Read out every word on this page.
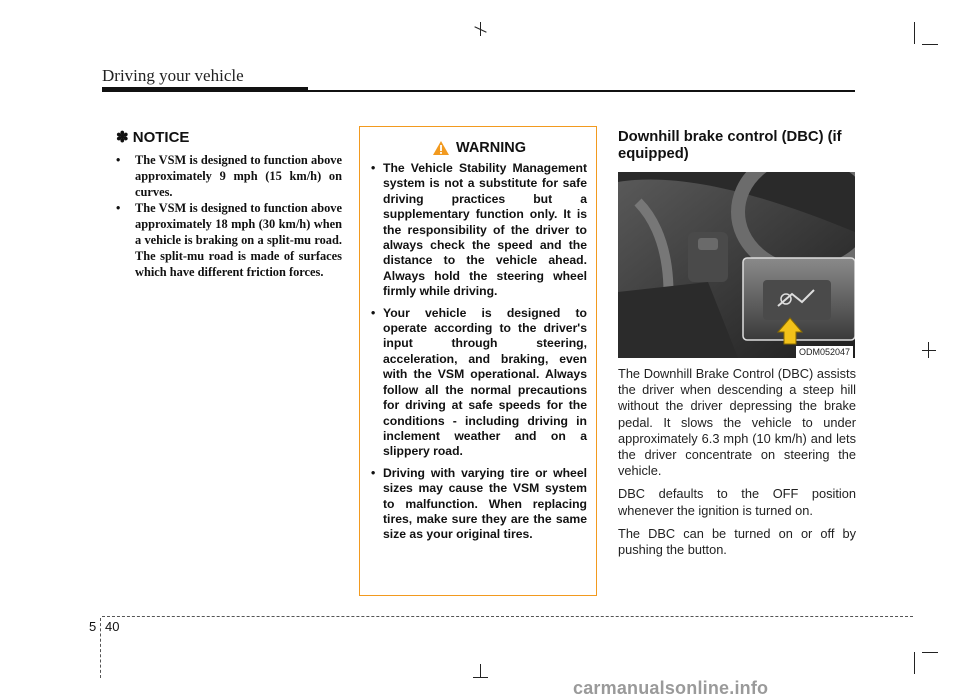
Driving your vehicle
✽ NOTICE
• The VSM is designed to function above approximately 9 mph (15 km/h) on curves.
• The VSM is designed to function above approximately 18 mph (30 km/h) when a vehicle is braking on a split-mu road. The split-mu road is made of surfaces which have different friction forces.
WARNING
• The Vehicle Stability Management system is not a substitute for safe driving practices but a supplementary function only. It is the responsibility of the driver to always check the speed and the distance to the vehicle ahead. Always hold the steering wheel firmly while driving.
• Your vehicle is designed to operate according to the driver's input through steering, acceleration, and braking, even with the VSM operational. Always follow all the normal precautions for driving at safe speeds for the conditions - including driving in inclement weather and on a slippery road.
• Driving with varying tire or wheel sizes may cause the VSM system to malfunction. When replacing tires, make sure they are the same size as your original tires.
Downhill brake control (DBC) (if equipped)
ODM052047

The Downhill Brake Control (DBC) assists the driver when descending a steep hill without the driver depressing the brake pedal. It slows the vehicle to under approximately 6.3 mph (10 km/h) and lets the driver concentrate on steering the vehicle.

DBC defaults to the OFF position whenever the ignition is turned on.

The DBC can be turned on or off by pushing the button.

5 40
carmanualsonline.info
